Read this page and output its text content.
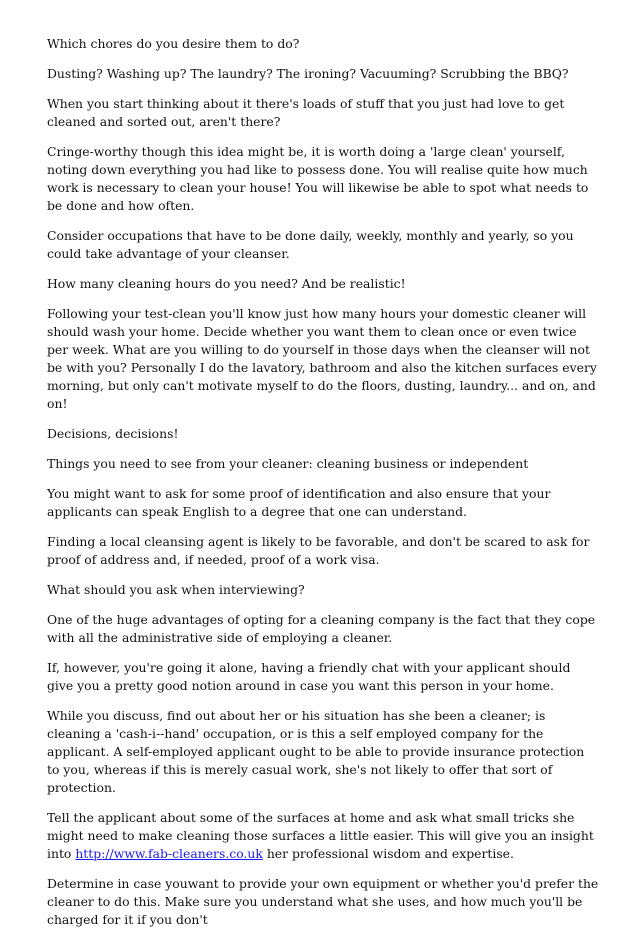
Which chores do you desire them to do?

Dusting? Washing up? The laundry? The ironing? Vacuuming? Scrubbing the BBQ?

When you start thinking about it there's loads of stuff that you just had love to get cleaned and sorted out, aren't there?

Cringe-worthy though this idea might be, it is worth doing a 'large clean' yourself, noting down everything you had like to possess done. You will realise quite how much work is necessary to clean your house! You will likewise be able to spot what needs to be done and how often.

Consider occupations that have to be done daily, weekly, monthly and yearly, so you could take advantage of your cleanser.

How many cleaning hours do you need? And be realistic!

Following your test-clean you'll know just how many hours your domestic cleaner will should wash your home. Decide whether you want them to clean once or even twice per week. What are you willing to do yourself in those days when the cleanser will not be with you? Personally I do the lavatory, bathroom and also the kitchen surfaces every morning, but only can't motivate myself to do the floors, dusting, laundry... and on, and on!

Decisions, decisions!

Things you need to see from your cleaner: cleaning business or independent

You might want to ask for some proof of identification and also ensure that your applicants can speak English to a degree that one can understand.

Finding a local cleansing agent is likely to be favorable, and don't be scared to ask for proof of address and, if needed, proof of a work visa.

What should you ask when interviewing?

One of the huge advantages of opting for a cleaning company is the fact that they cope with all the administrative side of employing a cleaner.

If, however, you're going it alone, having a friendly chat with your applicant should give you a pretty good notion around in case you want this person in your home.

While you discuss, find out about her or his situation has she been a cleaner; is cleaning a 'cash-i--hand' occupation, or is this a self employed company for the applicant. A self-employed applicant ought to be able to provide insurance protection to you, whereas if this is merely casual work, she's not likely to offer that sort of protection.

Tell the applicant about some of the surfaces at home and ask what small tricks she might need to make cleaning those surfaces a little easier. This will give you an insight into http://www.fab-cleaners.co.uk her professional wisdom and expertise.

Determine in case youwant to provide your own equipment or whether you'd prefer the cleaner to do this. Make sure you understand what she uses, and how much you'll be charged for it if you don't
